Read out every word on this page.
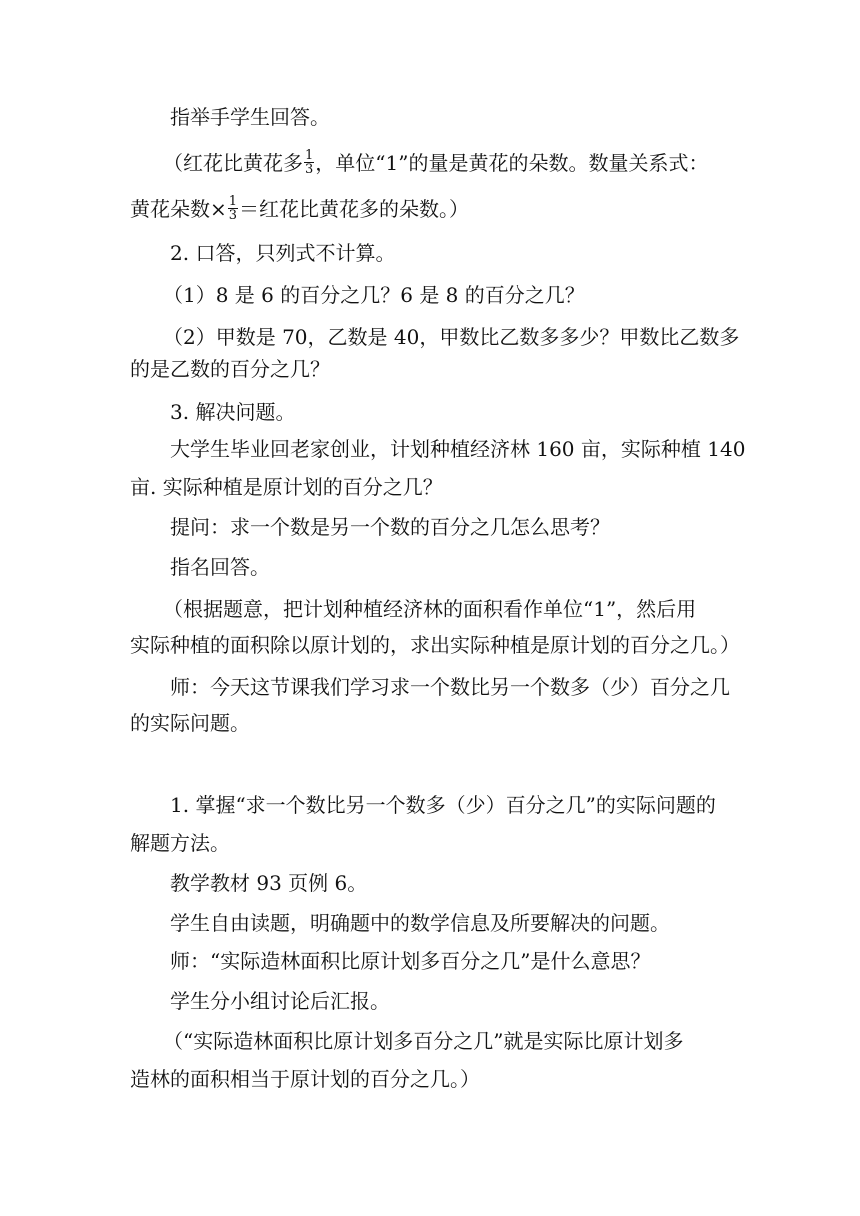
指举手学生回答。
（红花比黄花多 $\frac{1}{3}$ ，单位“1”的量是黄花的朵数。数量关系式：
黄花朵数× $\frac{1}{3}$ ＝红花比黄花多的朵数。）
2. 口答，只列式不计算。
（1）8 是 6 的百分之几？6 是 8 的百分之几？
（2）甲数是 70，乙数是 40，甲数比乙数多多少？甲数比乙数多
的是乙数的百分之几？
3. 解决问题。
大学生毕业回老家创业，计划种植经济林 160 亩，实际种植 140
亩. 实际种植是原计划的百分之几？
提问：求一个数是另一个数的百分之几怎么思考？
指名回答。
（根据题意，把计划种植经济林的面积看作单位“1”，然后用
实际种植的面积除以原计划的，求出实际种植是原计划的百分之几。）
师：今天这节课我们学习求一个数比另一个数多（少）百分之几
的实际问题。
1. 掌握“求一个数比另一个数多（少）百分之几”的实际问题的
解题方法。
教学教材 93 页例 6。
学生自由读题，明确题中的数学信息及所要解决的问题。
师：“实际造林面积比原计划多百分之几”是什么意思？
学生分小组讨论后汇报。
（“实际造林面积比原计划多百分之几”就是实际比原计划多
造林的面积相当于原计划的百分之几。）
